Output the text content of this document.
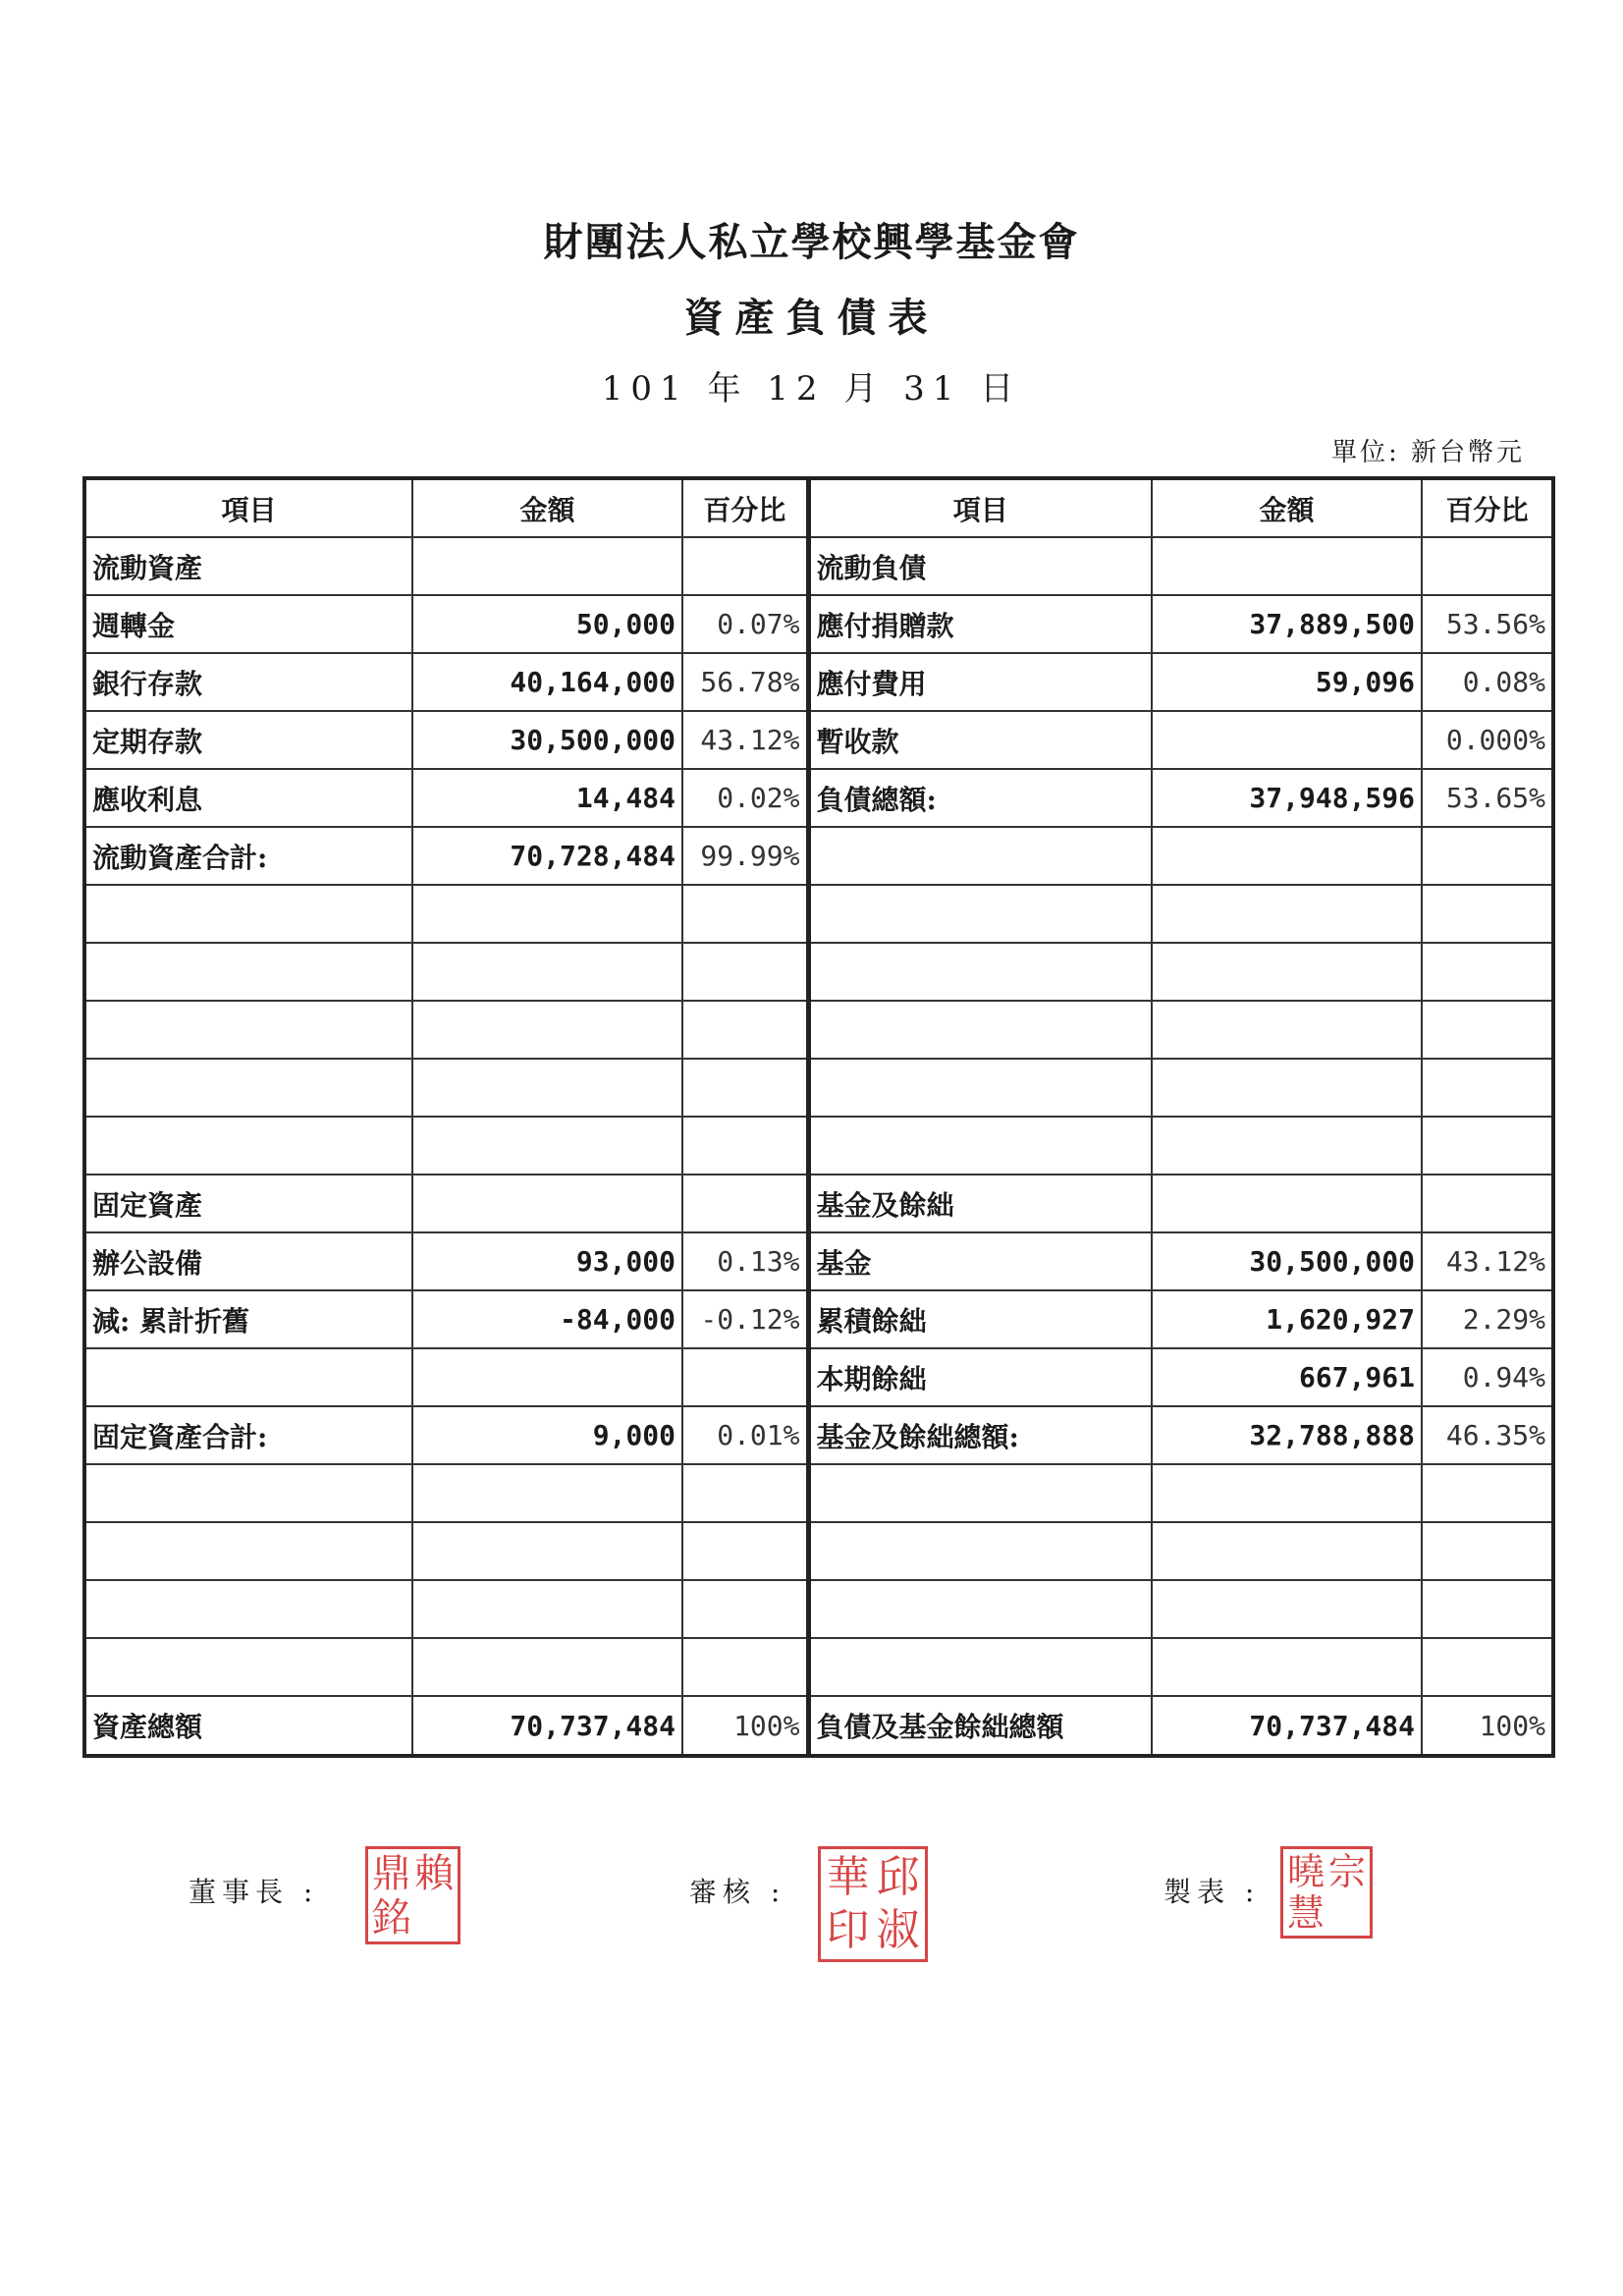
財團法人私立學校興學基金會
資產負債表
101 年 12 月 31 日
單位: 新台幣元
項目	金額	百分比	項目	金額	百分比
流動資產			流動負債		
週轉金	50,000	0.07%	應付捐贈款	37,889,500	53.56%
銀行存款	40,164,000	56.78%	應付費用	59,096	0.08%
定期存款	30,500,000	43.12%	暫收款		0.000%
應收利息	14,484	0.02%	負債總額:	37,948,596	53.65%
流動資產合計:	70,728,484	99.99%			

固定資產			基金及餘絀		
辦公設備	93,000	0.13%	基金	30,500,000	43.12%
減: 累計折舊	-84,000	-0.12%	累積餘絀	1,620,927	2.29%
			本期餘絀	667,961	0.94%
固定資產合計:	9,000	0.01%	基金及餘絀總額:	32,788,888	46.35%

資產總額	70,737,484	100%	負債及基金餘絀總額	70,737,484	100%
董事長 : 鼎 賴
銘
審核 : 華 邱
印 淑
製表 : 曉 宗
慧
